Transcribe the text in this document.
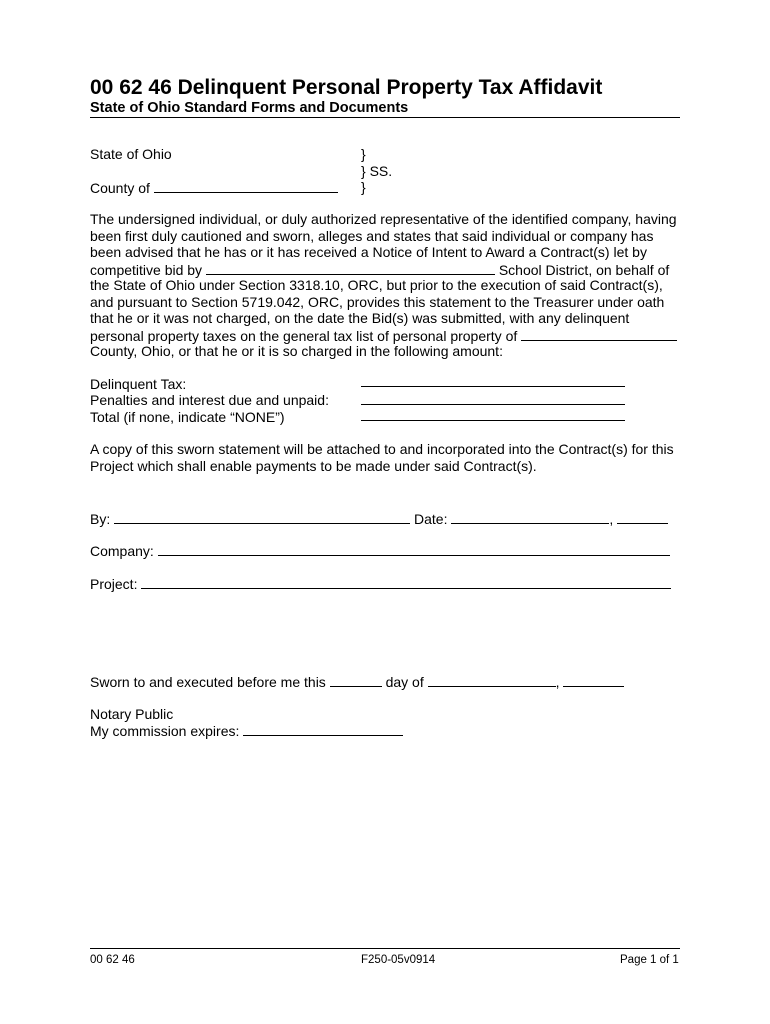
00 62 46 Delinquent Personal Property Tax Affidavit
State of Ohio Standard Forms and Documents
State of Ohio
County of
}
} SS.
}
The undersigned individual, or duly authorized representative of the identified company, having
been first duly cautioned and sworn, alleges and states that said individual or company has
been advised that he has or it has received a Notice of Intent to Award a Contract(s) let by
competitive bid by	School District, on behalf of
the State of Ohio under Section 3318.10, ORC, but prior to the execution of said Contract(s),
and pursuant to Section 5719.042, ORC, provides this statement to the Treasurer under oath
that he or it was not charged, on the date the Bid(s) was submitted, with any delinquent
personal property taxes on the general tax list of personal property of
County, Ohio, or that he or it is so charged in the following amount:
Delinquent Tax:
Penalties and interest due and unpaid:
Total (if none, indicate “NONE”)
A copy of this sworn statement will be attached to and incorporated into the Contract(s) for this
Project which shall enable payments to be made under said Contract(s).
By:	Date:	,
Company:
Project:
Sworn to and executed before me this	day of	,
Notary Public
My commission expires:
00 62 46	F250-05v0914	Page 1 of 1
